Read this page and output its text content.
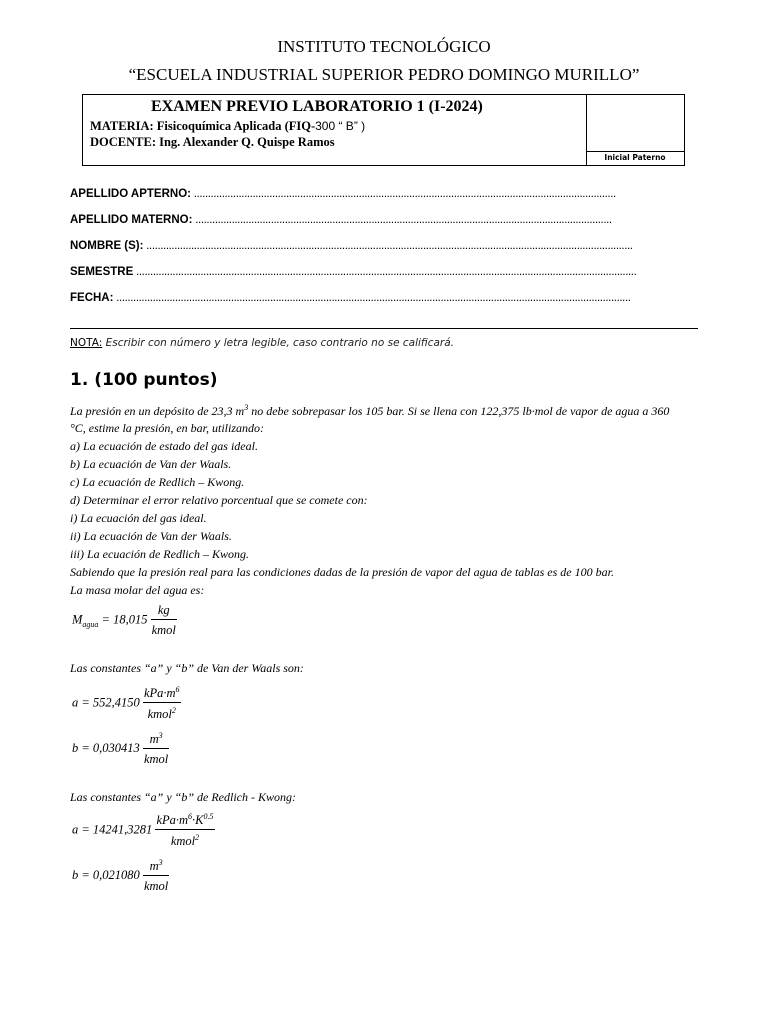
INSTITUTO TECNOLÓGICO
“ESCUELA INDUSTRIAL SUPERIOR PEDRO DOMINGO MURILLO”
EXAMEN PREVIO LABORATORIO 1 (I-2024)
MATERIA: Fisicoquímica Aplicada (FIQ-300 “ B” )
DOCENTE: Ing. Alexander Q. Quispe Ramos
Inicial Paterno
APELLIDO APTERNO: .......................................................................................................................................................
APELLIDO MATERNO: .....................................................................................................................................................
NOMBRE (S): ..............................................................................................................................................................................
SEMESTRE ...................................................................................................................................................................................
FECHA: ........................................................................................................................................................................................
NOTA: Escribir con número y letra legible, caso contrario no se calificará.
1. (100 puntos)
La presión en un depósito de 23,3 $m^3$ no debe sobrepasar los 105 bar. Si se llena con 122,375 lb·mol de vapor de agua a 360
°C, estime la presión, en bar, utilizando:
a) La ecuación de estado del gas ideal.
b) La ecuación de Van der Waals.
c) La ecuación de Redlich – Kwong.
d) Determinar el error relativo porcentual que se comete con:
i) La ecuación del gas ideal.
ii) La ecuación de Van der Waals.
iii) La ecuación de Redlich – Kwong.
Sabiendo que la presión real para las condiciones dadas de la presión de vapor del agua de tablas es de 100 bar.
La masa molar del agua es:
$M_{agua} = 18,015 \frac{kg}{\text{kmol}}$
Las constantes “a” y “b” de Van der Waals son:
$a = 552,4150 \frac{kPa\cdot m^6}{kmol^2}$
$b = 0,030413 \frac{m^3}{\text{kmol}}$
Las constantes “a” y “b” de Redlich - Kwong:
$a = 14241,3281 \frac{kPa\cdot m^6\cdot K^{0.5}}{kmol^2}$
$b = 0,021080 \frac{m^3}{\text{kmol}}$
